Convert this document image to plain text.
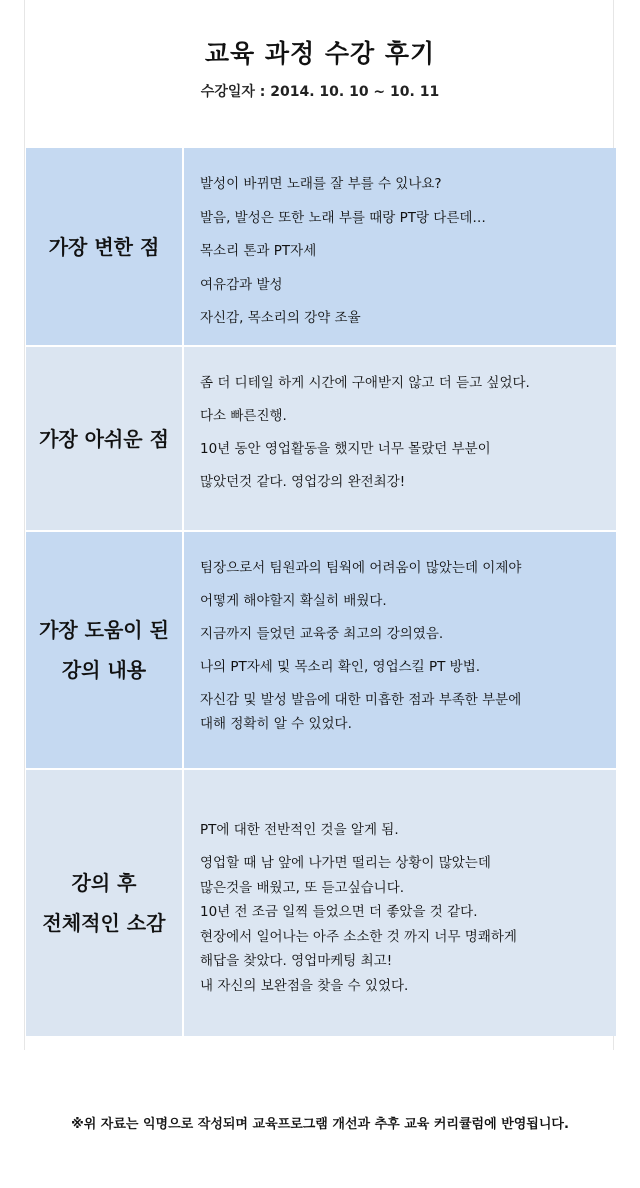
교육 과정 수강 후기
수강일자 : 2014. 10. 10 ~ 10. 11
가장 변한 점
발성이 바뀌면 노래를 잘 부를 수 있나요?
발음, 발성은 또한 노래 부를 때랑 PT랑 다른데…
목소리 톤과 PT자세
여유감과 발성
자신감, 목소리의 강약 조율
가장 아쉬운 점
좀 더 디테일 하게 시간에 구애받지 않고 더 듣고 싶었다.
다소 빠른진행.
10년 동안 영업활동을 했지만 너무 몰랐던 부분이
많았던것 같다. 영업강의 완전최강!
가장 도움이 된
강의 내용
팀장으로서 팀원과의 팀웍에 어려움이 많았는데 이제야
어떻게 해야할지 확실히 배웠다.
지금까지 들었던 교육중 최고의 강의였음.
나의 PT자세 및 목소리 확인, 영업스킬 PT 방법.
자신감 및 발성 발음에 대한 미흡한 점과 부족한 부분에
대해 정확히 알 수 있었다.
강의 후
전체적인 소감
PT에 대한 전반적인 것을 알게 됨.
영업할 때 남 앞에 나가면 떨리는 상황이 많았는데
많은것을 배웠고, 또 듣고싶습니다.
10년 전 조금 일찍 들었으면 더 좋았을 것 같다.
현장에서 일어나는 아주 소소한 것 까지 너무 명쾌하게
해답을 찾았다. 영업마케팅 최고!
내 자신의 보완점을 찾을 수 있었다.
※위 자료는 익명으로 작성되며 교육프로그램 개선과 추후 교육 커리큘럼에 반영됩니다.
